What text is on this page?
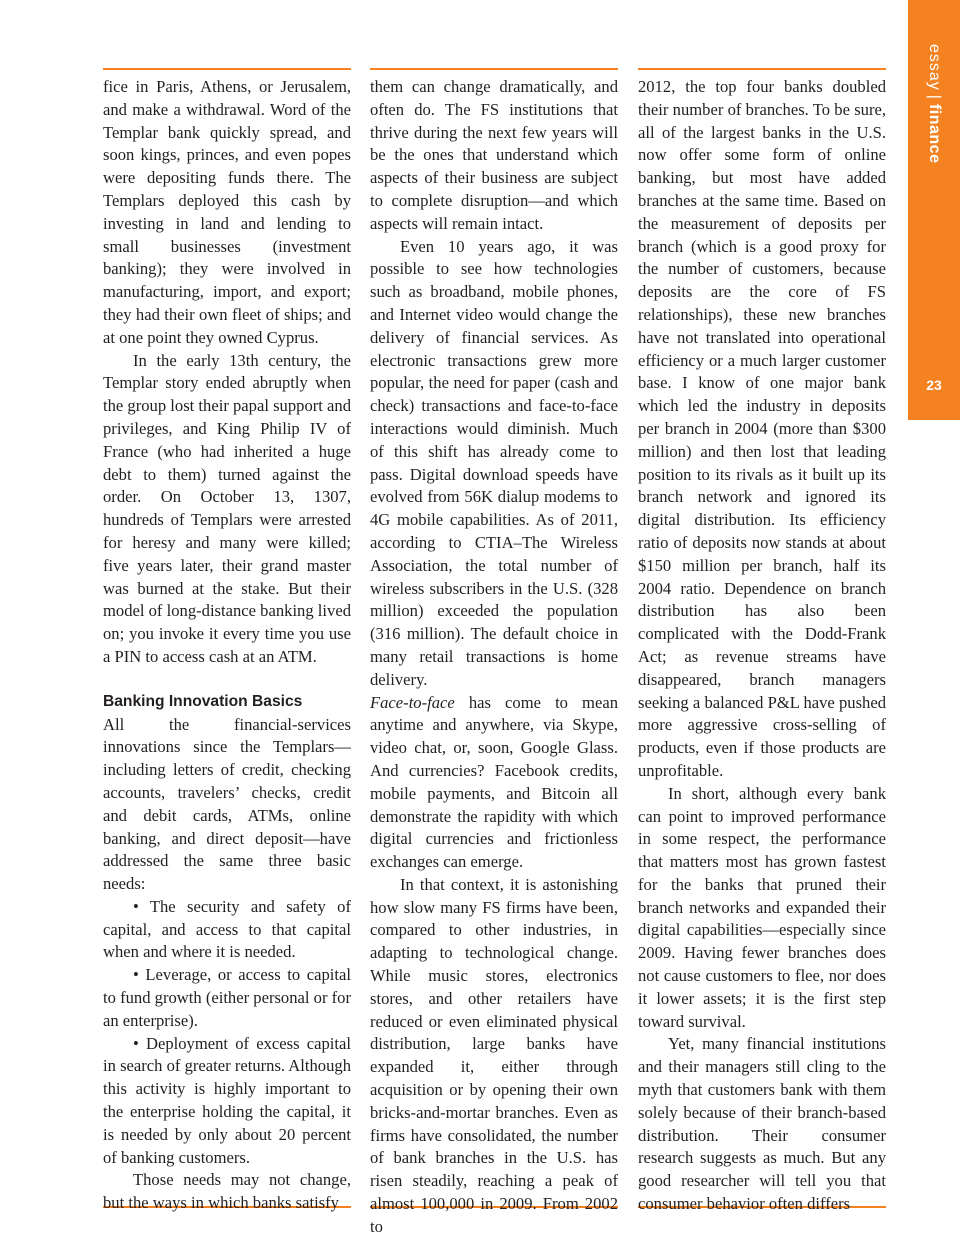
fice in Paris, Athens, or Jerusalem, and make a withdrawal. Word of the Templar bank quickly spread, and soon kings, princes, and even popes were depositing funds there. The Templars deployed this cash by investing in land and lending to small businesses (investment banking); they were involved in manufacturing, import, and export; they had their own fleet of ships; and at one point they owned Cyprus.

In the early 13th century, the Templar story ended abruptly when the group lost their papal support and privileges, and King Philip IV of France (who had inherited a huge debt to them) turned against the order. On October 13, 1307, hundreds of Templars were arrested for heresy and many were killed; five years later, their grand master was burned at the stake. But their model of long-distance banking lived on; you invoke it every time you use a PIN to access cash at an ATM.

Banking Innovation Basics

All the financial-services innovations since the Templars—including letters of credit, checking accounts, travelers’ checks, credit and debit cards, ATMs, online banking, and direct deposit—have addressed the same three basic needs:

• The security and safety of capital, and access to that capital when and where it is needed.

• Leverage, or access to capital to fund growth (either personal or for an enterprise).

• Deployment of excess capital in search of greater returns. Although this activity is highly important to the enterprise holding the capital, it is needed by only about 20 percent of banking customers.

Those needs may not change, but the ways in which banks satisfy

them can change dramatically, and often do. The FS institutions that thrive during the next few years will be the ones that understand which aspects of their business are subject to complete disruption—and which aspects will remain intact.

Even 10 years ago, it was possible to see how technologies such as broadband, mobile phones, and Internet video would change the delivery of financial services. As electronic transactions grew more popular, the need for paper (cash and check) transactions and face-to-face interactions would diminish. Much of this shift has already come to pass. Digital download speeds have evolved from 56K dialup modems to 4G mobile capabilities. As of 2011, according to CTIA–The Wireless Association, the total number of wireless subscribers in the U.S. (328 million) exceeded the population (316 million). The default choice in many retail transactions is home delivery.

Face-to-face has come to mean anytime and anywhere, via Skype, video chat, or, soon, Google Glass. And currencies? Facebook credits, mobile payments, and Bitcoin all demonstrate the rapidity with which digital currencies and frictionless exchanges can emerge.

In that context, it is astonishing how slow many FS firms have been, compared to other industries, in adapting to technological change. While music stores, electronics stores, and other retailers have reduced or even eliminated physical distribution, large banks have expanded it, either through acquisition or by opening their own bricks-and-mortar branches. Even as firms have consolidated, the number of bank branches in the U.S. has risen steadily, reaching a peak of almost 100,000 in 2009. From 2002 to

2012, the top four banks doubled their number of branches. To be sure, all of the largest banks in the U.S. now offer some form of online banking, but most have added branches at the same time. Based on the measurement of deposits per branch (which is a good proxy for the number of customers, because deposits are the core of FS relationships), these new branches have not translated into operational efficiency or a much larger customer base. I know of one major bank which led the industry in deposits per branch in 2004 (more than $300 million) and then lost that leading position to its rivals as it built up its branch network and ignored its digital distribution. Its efficiency ratio of deposits now stands at about $150 million per branch, half its 2004 ratio. Dependence on branch distribution has also been complicated with the Dodd-Frank Act; as revenue streams have disappeared, branch managers seeking a balanced P&L have pushed more aggressive cross-selling of products, even if those products are unprofitable.

In short, although every bank can point to improved performance in some respect, the performance that matters most has grown fastest for the banks that pruned their branch networks and expanded their digital capabilities—especially since 2009. Having fewer branches does not cause customers to flee, nor does it lower assets; it is the first step toward survival.

Yet, many financial institutions and their managers still cling to the myth that customers bank with them solely because of their branch-based distribution. Their consumer research suggests as much. But any good researcher will tell you that consumer behavior often differs

essay|finance
23
